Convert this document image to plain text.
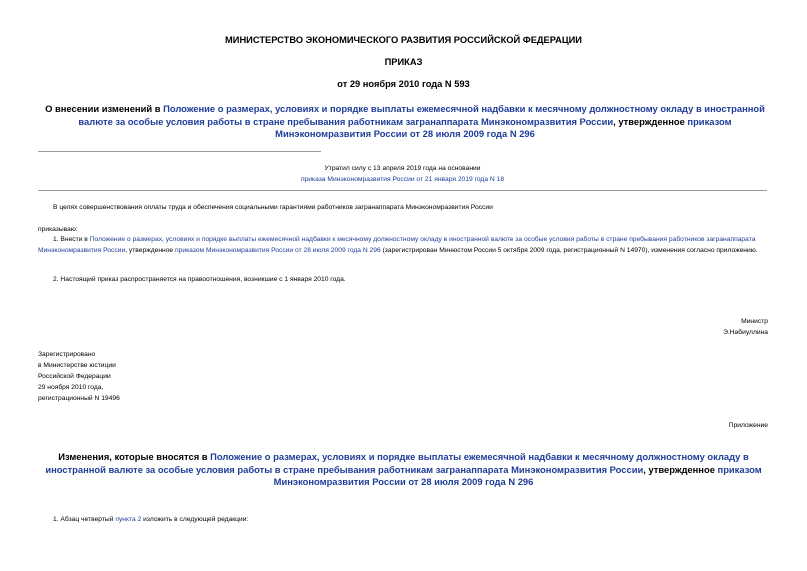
МИНИСТЕРСТВО ЭКОНОМИЧЕСКОГО РАЗВИТИЯ РОССИЙСКОЙ ФЕДЕРАЦИИ
ПРИКАЗ
от 29 ноября 2010 года N 593
О внесении изменений в Положение о размерах, условиях и порядке выплаты ежемесячной надбавки к месячному должностному окладу в иностранной валюте за особые условия работы в стране пребывания работникам загранаппарата Минэкономразвития России, утвержденное приказом Минэкономразвития России от 28 июля 2009 года N 296
Утратил силу с 13 апреля 2019 года на основании
приказа Минэкономразвития России от 21 января 2019 года N 18
В целях совершенствования оплаты труда и обеспечения социальными гарантиями работников загранаппарата Минэкономразвития России
приказываю:
1. Внести в Положение о размерах, условиях и порядке выплаты ежемесячной надбавки к месячному должностному окладу в иностранной валюте за особые условия работы в стране пребывания работников загранаппарата Минэкономразвития России, утвержденное приказом Минэкономразвития России от 28 июля 2009 года N 296 (зарегистрирован Минюстом России 5 октября 2009 года, регистрационный N 14970), изменения согласно приложению.
2. Настоящий приказ распространяется на правоотношения, возникшие с 1 января 2010 года.
Министр
Э.Набиуллина
Зарегистрировано
в Министерстве юстиции
Российской Федерации
29 ноября 2010 года,
регистрационный N 19496
Приложение
Изменения, которые вносятся в Положение о размерах, условиях и порядке выплаты ежемесячной надбавки к месячному должностному окладу в иностранной валюте за особые условия работы в стране пребывания работникам загранаппарата Минэкономразвития России, утвержденное приказом Минэкономразвития России от 28 июля 2009 года N 296
1. Абзац четвертый пункта 2 изложить в следующей редакции:
